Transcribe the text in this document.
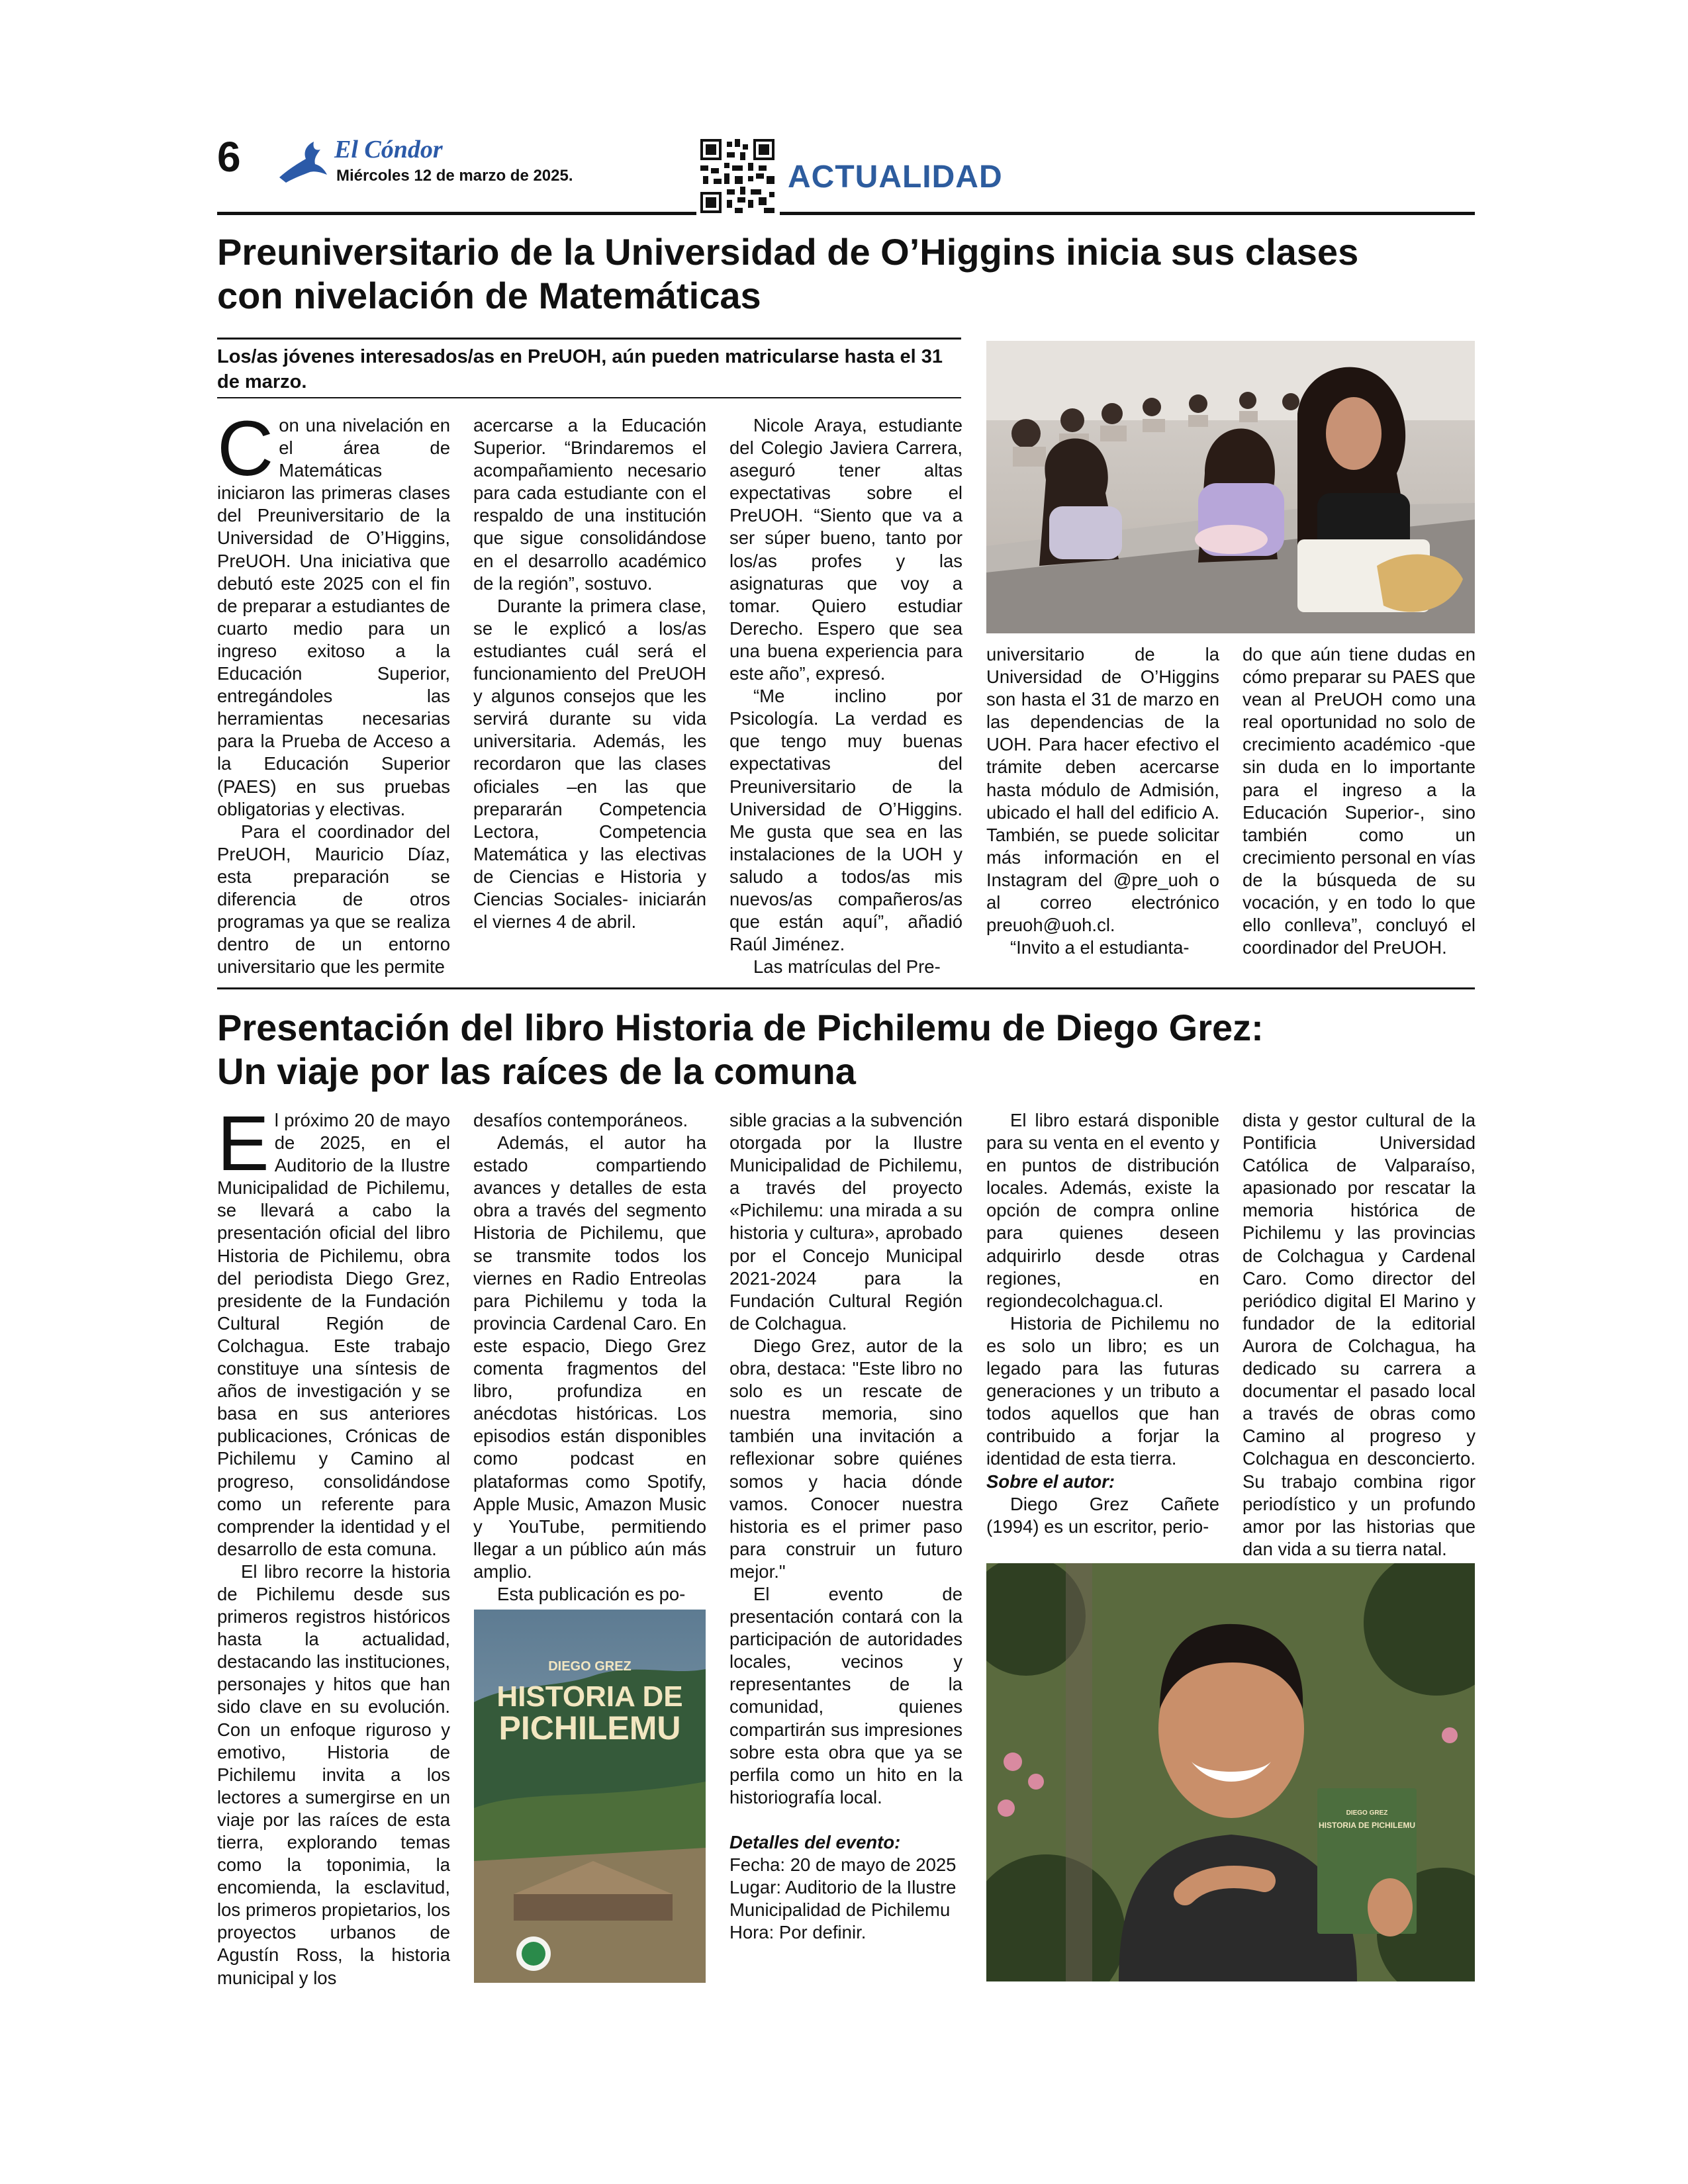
6	El Cóndor
Miércoles 12 de marzo de 2025.	ACTUALIDAD
Preuniversitario de la Universidad de O’Higgins inicia sus clases
con nivelación de Matemáticas
Los/as jóvenes interesados/as en PreUOH, aún pueden matricularse hasta el 31 de marzo.

Con una nivelación en el área de Matemáticas iniciaron las primeras clases del Preuniversitario de la Universidad de O’Higgins, PreUOH. Una iniciativa que debutó este 2025 con el fin de preparar a estudiantes de cuarto medio para un ingreso exitoso a la Educación Superior, entregándoles las herramientas necesarias para la Prueba de Acceso a la Educación Superior (PAES) en sus pruebas obligatorias y electivas.

Para el coordinador del PreUOH, Mauricio Díaz, esta preparación se diferencia de otros programas ya que se realiza dentro de un entorno universitario que les permite

acercarse a la Educación Superior. “Brindaremos el acompañamiento necesario para cada estudiante con el respaldo de una institución que sigue consolidándose en el desarrollo académico de la región”, sostuvo.

Durante la primera clase, se le explicó a los/as estudiantes cuál será el funcionamiento del PreUOH y algunos consejos que les servirá durante su vida universitaria. Además, les recordaron que las clases oficiales –en las que prepararán Competencia Lectora, Competencia Matemática y las electivas de Ciencias e Historia y Ciencias Sociales- iniciarán el viernes 4 de abril.

Nicole Araya, estudiante del Colegio Javiera Carrera, aseguró tener altas expectativas sobre el PreUOH. “Siento que va a ser súper bueno, tanto por los/as profes y las asignaturas que voy a tomar. Quiero estudiar Derecho. Espero que sea una buena experiencia para este año”, expresó.

“Me inclino por Psicología. La verdad es que tengo muy buenas expectativas del Preuniversitario de la Universidad de O’Higgins. Me gusta que sea en las instalaciones de la UOH y saludo a todos/as mis nuevos/as compañeros/as que están aquí”, añadió Raúl Jiménez.

Las matrículas del Pre-

universitario de la Universidad de O’Higgins son hasta el 31 de marzo en las dependencias de la UOH. Para hacer efectivo el trámite deben acercarse hasta módulo de Admisión, ubicado el hall del edificio A. También, se puede solicitar más información en el Instagram del @pre_uoh o al correo electrónico preuoh@uoh.cl.

“Invito a el estudianta-

do que aún tiene dudas en cómo preparar su PAES que vean al PreUOH como una real oportunidad no solo de crecimiento académico -que sin duda en lo importante para el ingreso a la Educación Superior-, sino también como un crecimiento personal en vías de la búsqueda de su vocación, y en todo lo que ello conlleva”, concluyó el coordinador del PreUOH.

Presentación del libro Historia de Pichilemu de Diego Grez:
Un viaje por las raíces de la comuna

El próximo 20 de mayo de 2025, en el Auditorio de la Ilustre Municipalidad de Pichilemu, se llevará a cabo la presentación oficial del libro Historia de Pichilemu, obra del periodista Diego Grez, presidente de la Fundación Cultural Región de Colchagua. Este trabajo constituye una síntesis de años de investigación y se basa en sus anteriores publicaciones, Crónicas de Pichilemu y Camino al progreso, consolidándose como un referente para comprender la identidad y el desarrollo de esta comuna.

El libro recorre la historia de Pichilemu desde sus primeros registros históricos hasta la actualidad, destacando las instituciones, personajes y hitos que han sido clave en su evolución. Con un enfoque riguroso y emotivo, Historia de Pichilemu invita a los lectores a sumergirse en un viaje por las raíces de esta tierra, explorando temas como la toponimia, la encomienda, la esclavitud, los primeros propietarios, los proyectos urbanos de Agustín Ross, la historia municipal y los

desafíos contemporáneos.

Además, el autor ha estado compartiendo avances y detalles de esta obra a través del segmento Historia de Pichilemu, que se transmite todos los viernes en Radio Entreolas para Pichilemu y toda la provincia Cardenal Caro. En este espacio, Diego Grez comenta fragmentos del libro, profundiza en anécdotas históricas. Los episodios están disponibles como podcast en plataformas como Spotify, Apple Music, Amazon Music y YouTube, permitiendo llegar a un público aún más amplio.

Esta publicación es po-

DIEGO GREZ
HISTORIA DE
PICHILEMU

sible gracias a la subvención otorgada por la Ilustre Municipalidad de Pichilemu, a través del proyecto «Pichilemu: una mirada a su historia y cultura», aprobado por el Concejo Municipal 2021-2024 para la Fundación Cultural Región de Colchagua.

Diego Grez, autor de la obra, destaca: "Este libro no solo es un rescate de nuestra memoria, sino también una invitación a reflexionar sobre quiénes somos y hacia dónde vamos. Conocer nuestra historia es el primer paso para construir un futuro mejor."

El evento de presentación contará con la participación de autoridades locales, vecinos y representantes de la comunidad, quienes compartirán sus impresiones sobre esta obra que ya se perfila como un hito en la historiografía local.

Detalles del evento:

Fecha: 20 de mayo de 2025

Lugar: Auditorio de la Ilustre Municipalidad de Pichilemu

Hora: Por definir.

El libro estará disponible para su venta en el evento y en puntos de distribución locales. Además, existe la opción de compra online para quienes deseen adquirirlo desde otras regiones, en regiondecolchagua.cl.

Historia de Pichilemu no es solo un libro; es un legado para las futuras generaciones y un tributo a todos aquellos que han contribuido a forjar la identidad de esta tierra.

Sobre el autor:

Diego Grez Cañete (1994) es un escritor, perio-

dista y gestor cultural de la Pontificia Universidad Católica de Valparaíso, apasionado por rescatar la memoria histórica de Pichilemu y las provincias de Colchagua y Cardenal Caro. Como director del periódico digital El Marino y fundador de la editorial Aurora de Colchagua, ha dedicado su carrera a documentar el pasado local a través de obras como Camino al progreso y Colchagua en desconcierto. Su trabajo combina rigor periodístico y un profundo amor por las historias que dan vida a su tierra natal.

DIEGO GREZ
HISTORIA DE PICHILEMU
